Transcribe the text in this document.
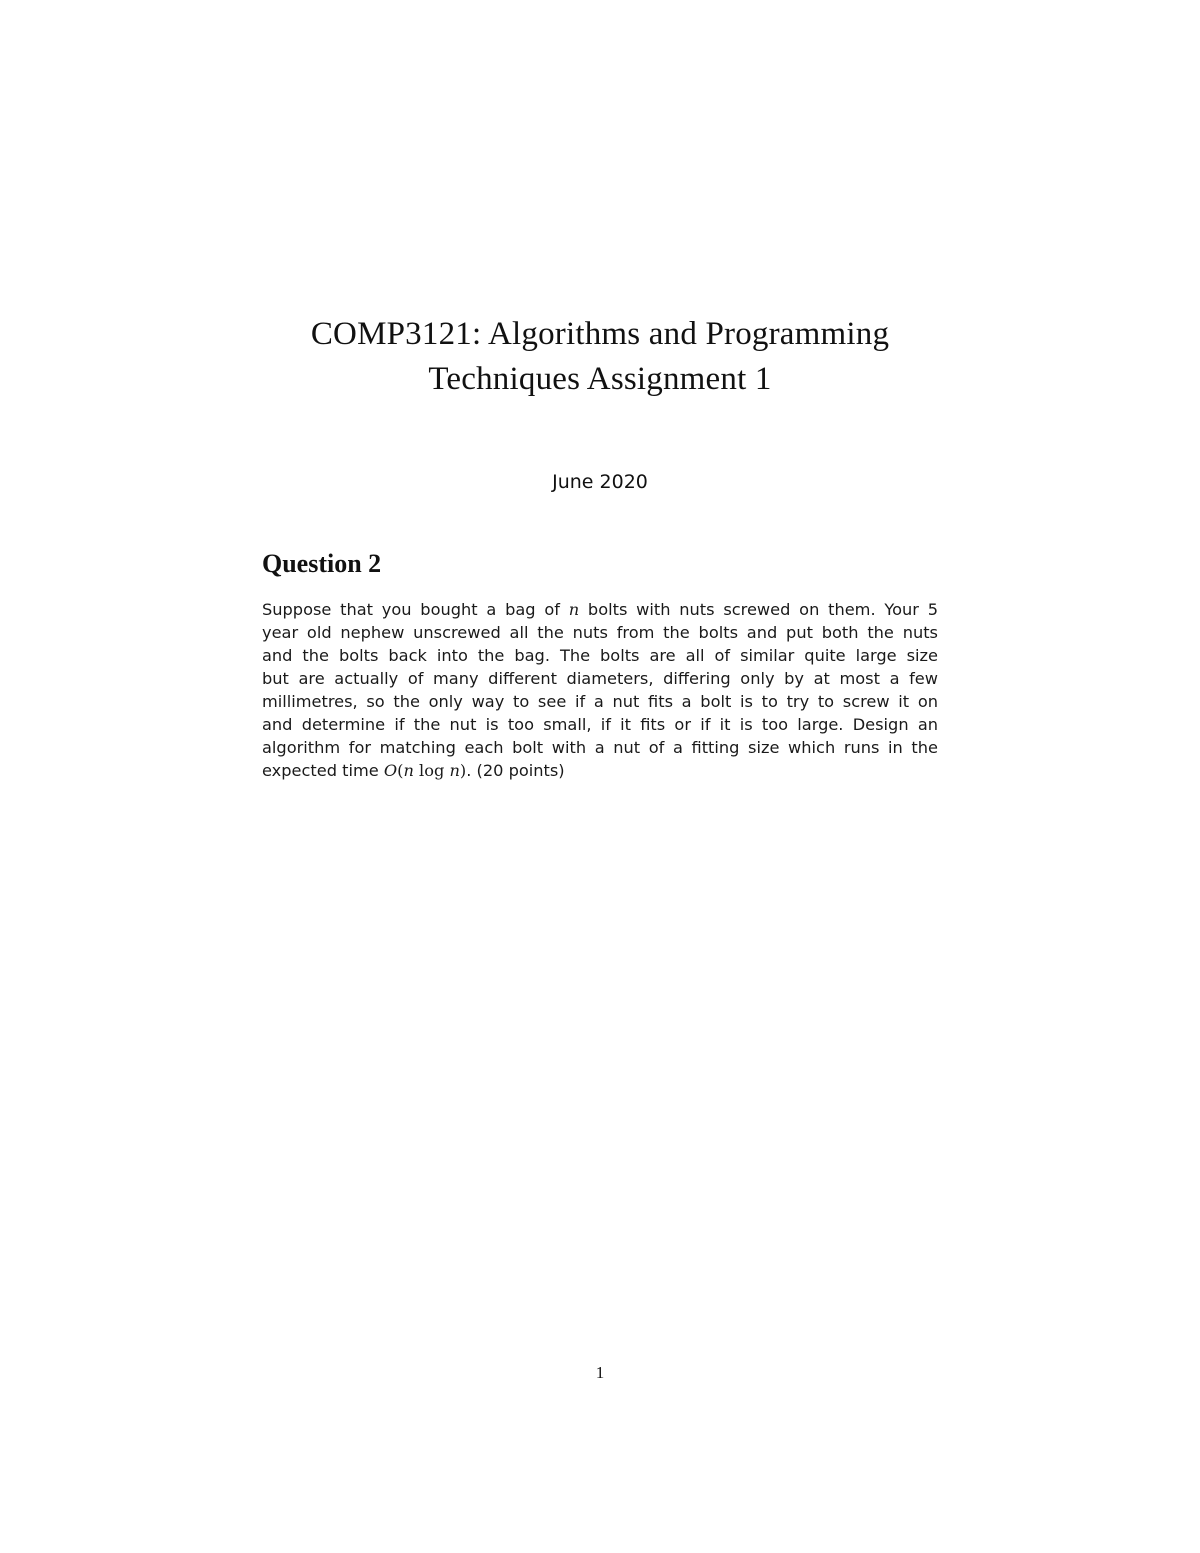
COMP3121: Algorithms and Programming
Techniques Assignment 1
June 2020
Question 2
Suppose that you bought a bag of n bolts with nuts screwed on them. Your 5
year old nephew unscrewed all the nuts from the bolts and put both the nuts
and the bolts back into the bag. The bolts are all of similar quite large size
but are actually of many different diameters, differing only by at most a few
millimetres, so the only way to see if a nut fits a bolt is to try to screw it on
and determine if the nut is too small, if it fits or if it is too large. Design an
algorithm for matching each bolt with a nut of a fitting size which runs in the
expected time O(n log n). (20 points)
1
